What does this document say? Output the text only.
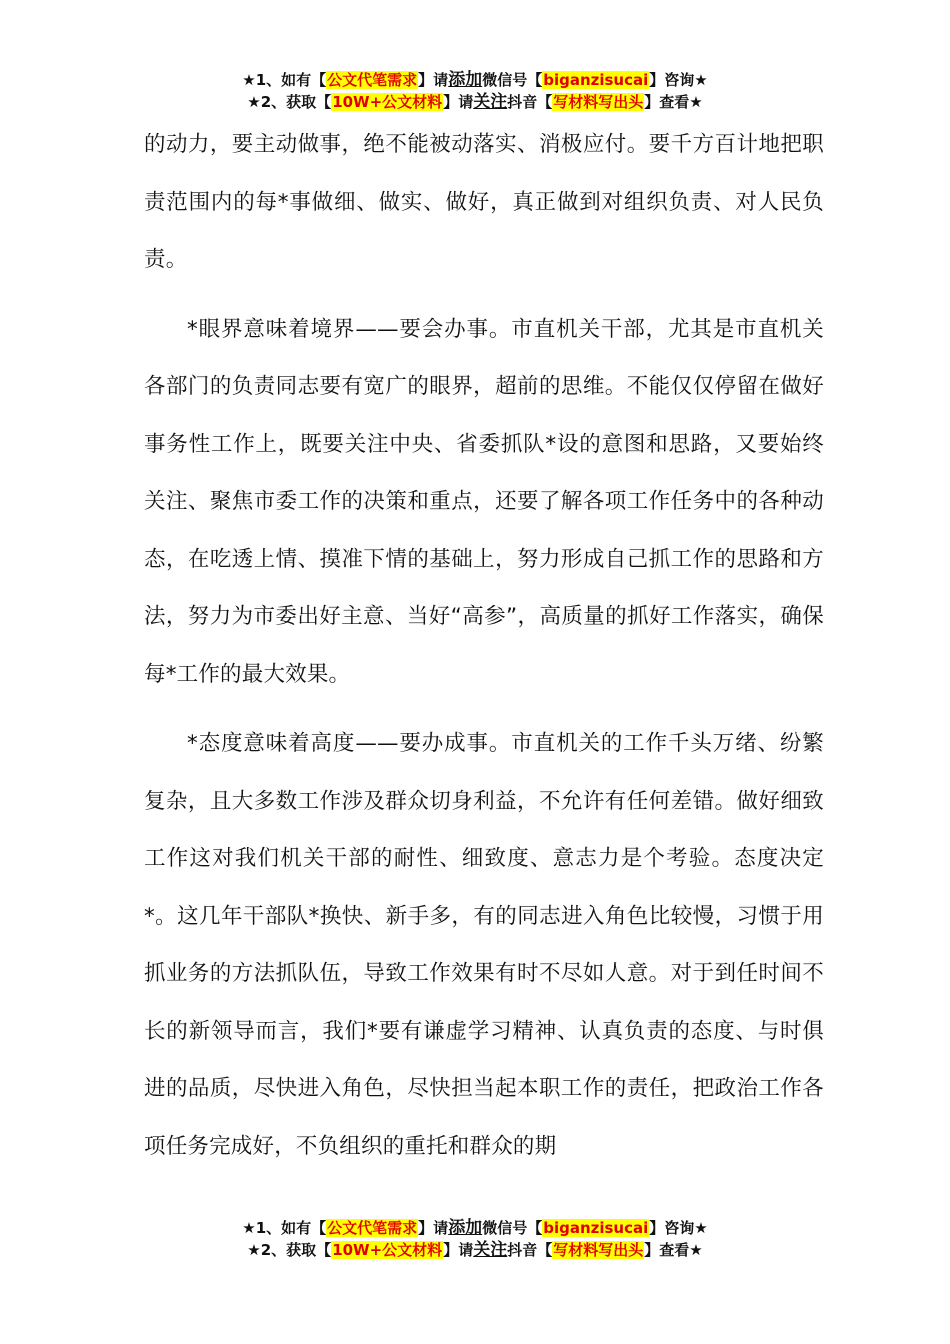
★1、如有【公文代笔需求】请添加微信号【biganzisucai】咨询★
★2、获取【10W+公文材料】请关注抖音【写材料写出头】查看★

的动力，要主动做事，绝不能被动落实、消极应付。要千方百计地把职责范围内的每*事做细、做实、做好，真正做到对组织负责、对人民负责。

*眼界意味着境界——要会办事。市直机关干部，尤其是市直机关各部门的负责同志要有宽广的眼界，超前的思维。不能仅仅停留在做好事务性工作上，既要关注中央、省委抓队*设的意图和思路，又要始终关注、聚焦市委工作的决策和重点，还要了解各项工作任务中的各种动态，在吃透上情、摸准下情的基础上，努力形成自己抓工作的思路和方法，努力为市委出好主意、当好“高参”，高质量的抓好工作落实，确保每*工作的最大效果。

*态度意味着高度——要办成事。市直机关的工作千头万绪、纷繁复杂，且大多数工作涉及群众切身利益，不允许有任何差错。做好细致工作这对我们机关干部的耐性、细致度、意志力是个考验。态度决定*。这几年干部队*换快、新手多，有的同志进入角色比较慢，习惯于用抓业务的方法抓队伍，导致工作效果有时不尽如人意。对于到任时间不长的新领导而言，我们*要有谦虚学习精神、认真负责的态度、与时俱进的品质，尽快进入角色，尽快担当起本职工作的责任，把政治工作各项任务完成好，不负组织的重托和群众的期

★1、如有【公文代笔需求】请添加微信号【biganzisucai】咨询★
★2、获取【10W+公文材料】请关注抖音【写材料写出头】查看★
